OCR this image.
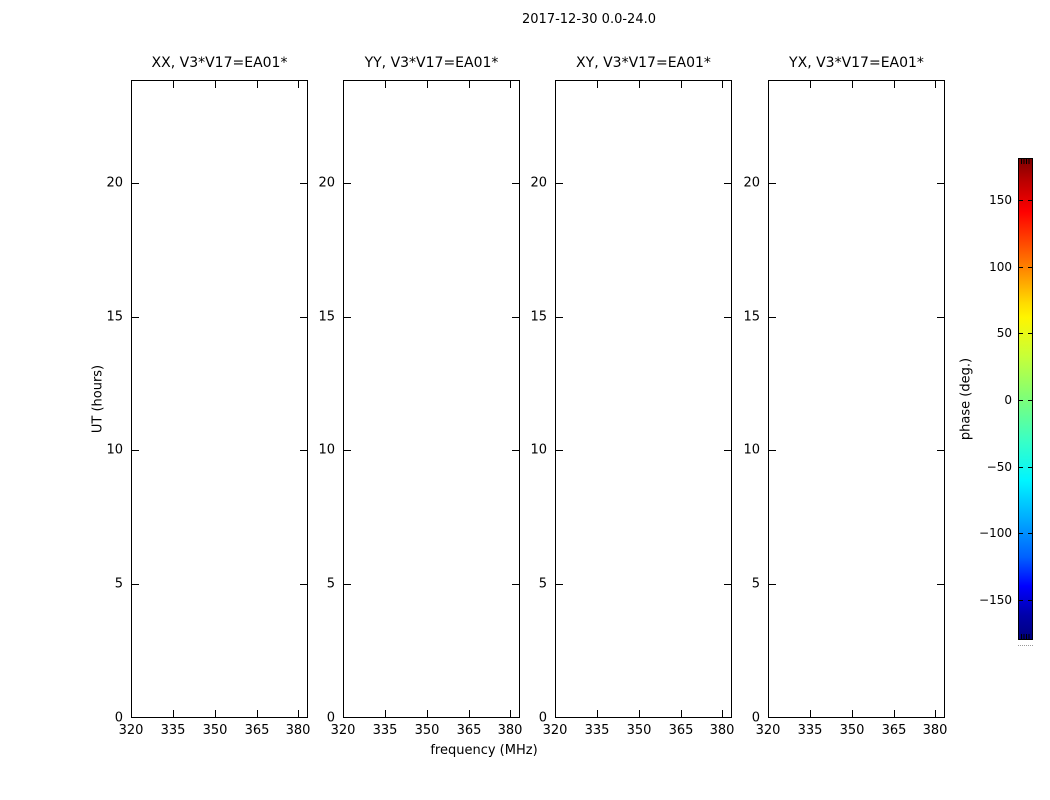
2017-12-30 0.0-24.0
XX, V3*V17=EA01*	YY, V3*V17=EA01*	XY, V3*V17=EA01*	YX, V3*V17=EA01*
320 335 350 365 380 320 335 350 365 380 320 335 350 365 380 320 335 350 365 380
20
15
10
5
0
20
15
10
5
0
20
15
10
5
0
20
15
10
5
0
frequency (MHz)
UT (hours)
150
100
50
0
−50
−100
−150
phase (deg.)
